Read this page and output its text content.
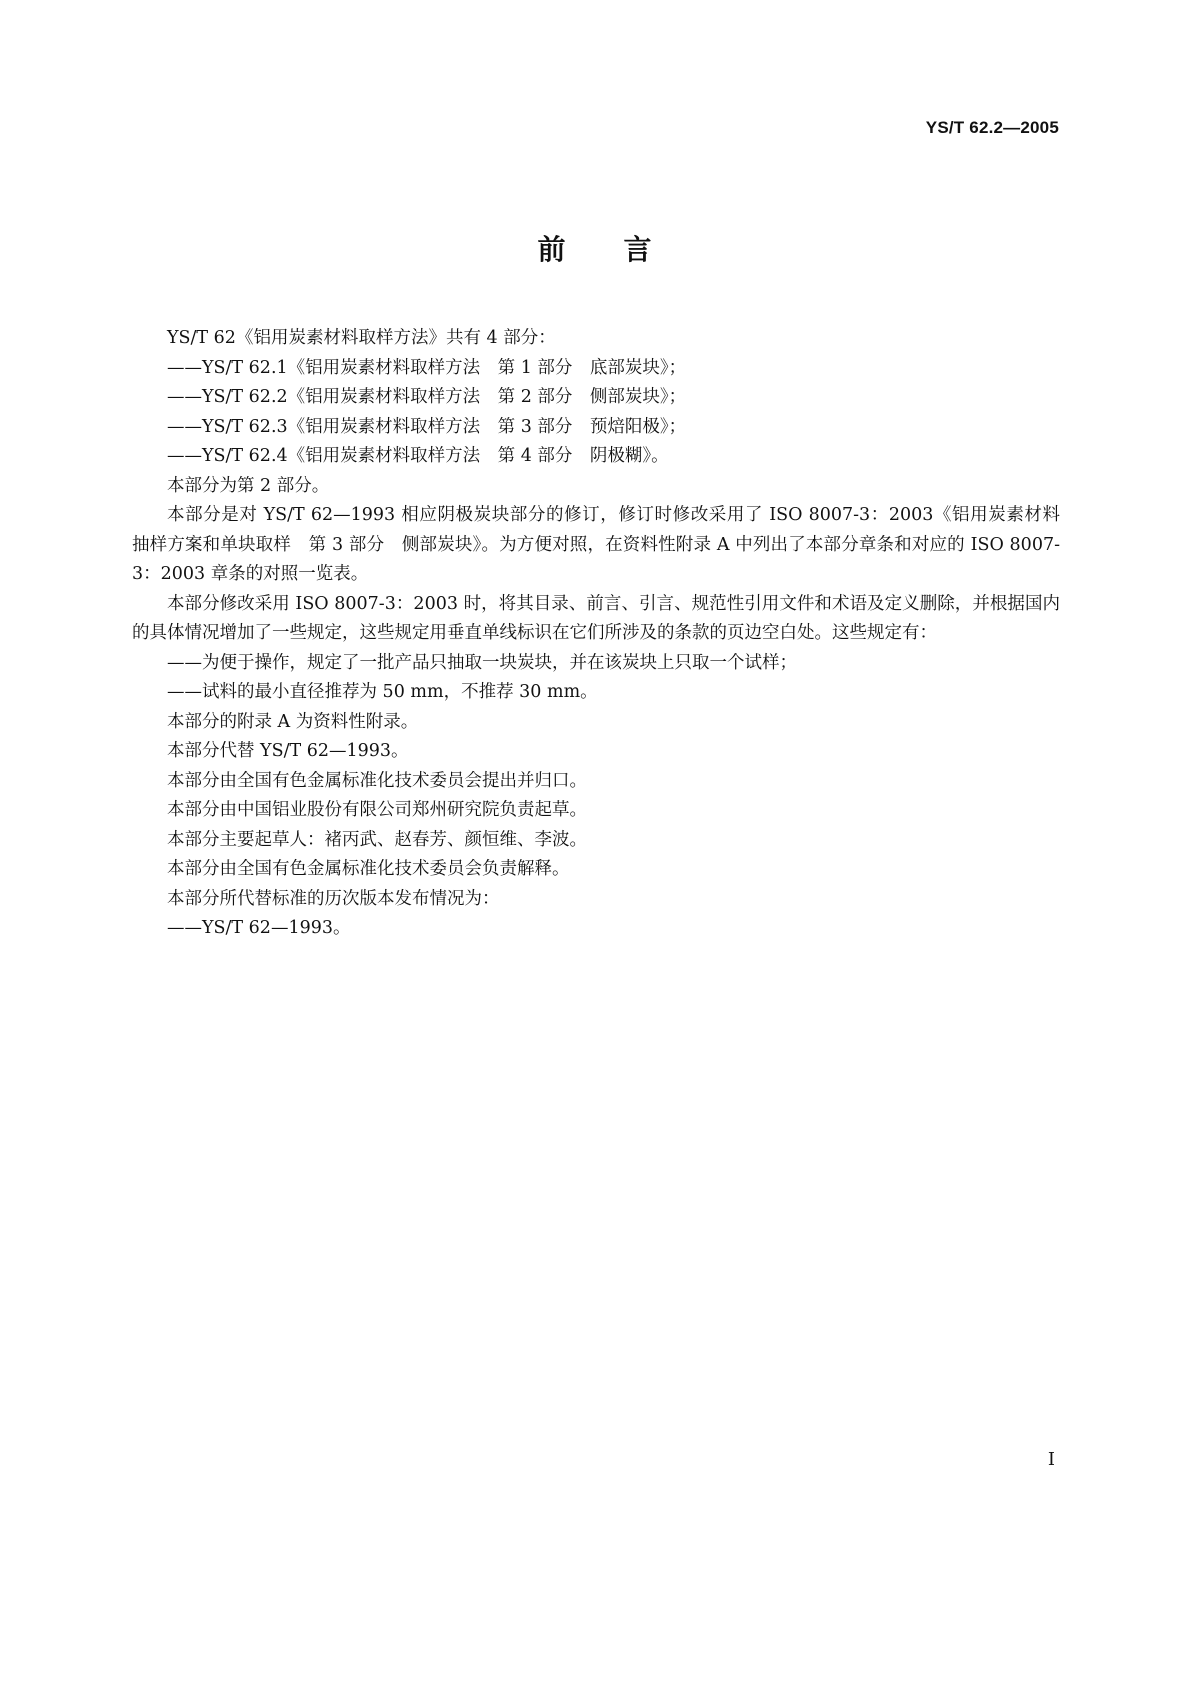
YS/T 62.2—2005
前 言

YS/T 62《铝用炭素材料取样方法》共有 4 部分：

——YS/T 62.1《铝用炭素材料取样方法　第 1 部分　底部炭块》；

——YS/T 62.2《铝用炭素材料取样方法　第 2 部分　侧部炭块》；

——YS/T 62.3《铝用炭素材料取样方法　第 3 部分　预焙阳极》；

——YS/T 62.4《铝用炭素材料取样方法　第 4 部分　阴极糊》。

本部分为第 2 部分。

本部分是对 YS/T 62—1993 相应阴极炭块部分的修订，修订时修改采用了 ISO 8007-3：2003《铝用炭素材料　抽样方案和单块取样　第 3 部分　侧部炭块》。为方便对照，在资料性附录 A 中列出了本部分章条和对应的 ISO 8007-3：2003 章条的对照一览表。

本部分修改采用 ISO 8007-3：2003 时，将其目录、前言、引言、规范性引用文件和术语及定义删除，并根据国内的具体情况增加了一些规定，这些规定用垂直单线标识在它们所涉及的条款的页边空白处。这些规定有：

——为便于操作，规定了一批产品只抽取一块炭块，并在该炭块上只取一个试样；

——试料的最小直径推荐为 50 mm，不推荐 30 mm。

本部分的附录 A 为资料性附录。

本部分代替 YS/T 62—1993。

本部分由全国有色金属标准化技术委员会提出并归口。

本部分由中国铝业股份有限公司郑州研究院负责起草。

本部分主要起草人：褚丙武、赵春芳、颜恒维、李波。

本部分由全国有色金属标准化技术委员会负责解释。

本部分所代替标准的历次版本发布情况为：

——YS/T 62—1993。

I
